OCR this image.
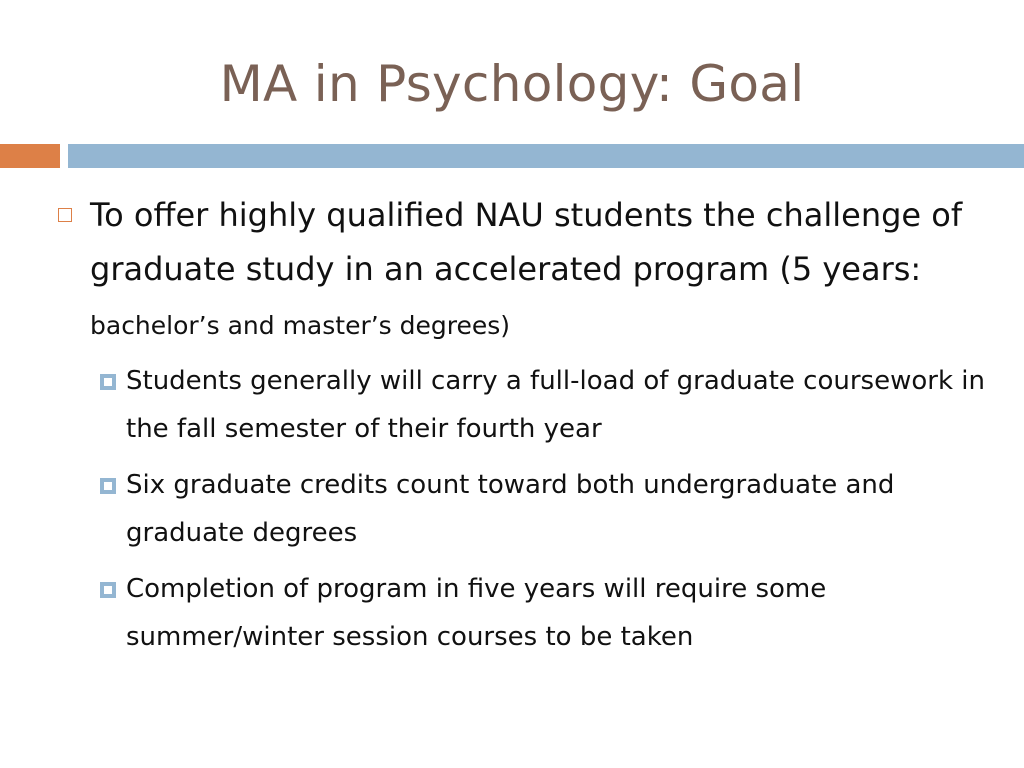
MA in Psychology: Goal
To offer highly qualified NAU students the challenge of graduate study in an accelerated program (5 years: bachelor’s and master’s degrees)
Students generally will carry a full-load of graduate coursework in the fall semester of their fourth year
Six graduate credits count toward both undergraduate and graduate degrees
Completion of program in five years will require some summer/winter session courses to be taken
